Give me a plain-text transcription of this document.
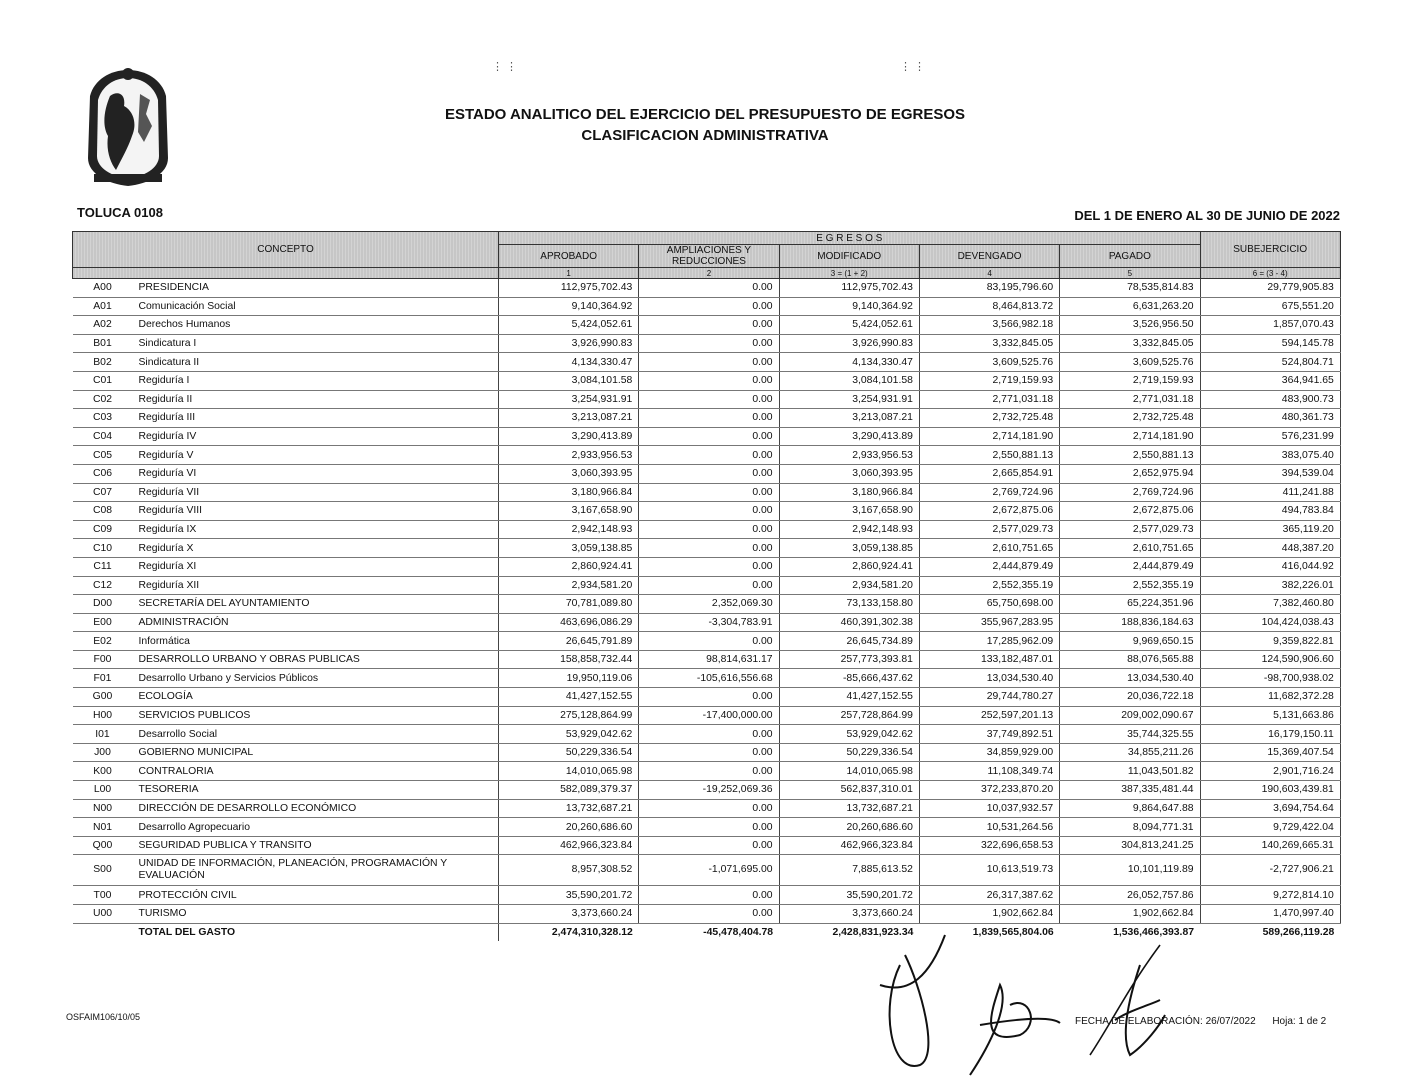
⋮ ⋮	⋮ ⋮
ESTADO ANALITICO DEL EJERCICIO DEL PRESUPUESTO DE EGRESOS
CLASIFICACION ADMINISTRATIVA
TOLUCA 0108	DEL 1 DE ENERO AL 30 DE JUNIO DE 2022
CONCEPTO		E G R E S O S					SUBEJERCICIO
		APROBADO	AMPLIACIONES Y REDUCCIONES	MODIFICADO	DEVENGADO	PAGADO	
		1	2	3 = (1 + 2)	4	5	6 = (3 - 4)
A00	PRESIDENCIA	112,975,702.43	0.00	112,975,702.43	83,195,796.60	78,535,814.83	29,779,905.83
A01	Comunicación Social	9,140,364.92	0.00	9,140,364.92	8,464,813.72	6,631,263.20	675,551.20
A02	Derechos Humanos	5,424,052.61	0.00	5,424,052.61	3,566,982.18	3,526,956.50	1,857,070.43
B01	Sindicatura I	3,926,990.83	0.00	3,926,990.83	3,332,845.05	3,332,845.05	594,145.78
B02	Sindicatura II	4,134,330.47	0.00	4,134,330.47	3,609,525.76	3,609,525.76	524,804.71
C01	Regiduría I	3,084,101.58	0.00	3,084,101.58	2,719,159.93	2,719,159.93	364,941.65
C02	Regiduría II	3,254,931.91	0.00	3,254,931.91	2,771,031.18	2,771,031.18	483,900.73
C03	Regiduría III	3,213,087.21	0.00	3,213,087.21	2,732,725.48	2,732,725.48	480,361.73
C04	Regiduría IV	3,290,413.89	0.00	3,290,413.89	2,714,181.90	2,714,181.90	576,231.99
C05	Regiduría V	2,933,956.53	0.00	2,933,956.53	2,550,881.13	2,550,881.13	383,075.40
C06	Regiduría VI	3,060,393.95	0.00	3,060,393.95	2,665,854.91	2,652,975.94	394,539.04
C07	Regiduría VII	3,180,966.84	0.00	3,180,966.84	2,769,724.96	2,769,724.96	411,241.88
C08	Regiduría VIII	3,167,658.90	0.00	3,167,658.90	2,672,875.06	2,672,875.06	494,783.84
C09	Regiduría IX	2,942,148.93	0.00	2,942,148.93	2,577,029.73	2,577,029.73	365,119.20
C10	Regiduría X	3,059,138.85	0.00	3,059,138.85	2,610,751.65	2,610,751.65	448,387.20
C11	Regiduría XI	2,860,924.41	0.00	2,860,924.41	2,444,879.49	2,444,879.49	416,044.92
C12	Regiduría XII	2,934,581.20	0.00	2,934,581.20	2,552,355.19	2,552,355.19	382,226.01
D00	SECRETARÍA DEL AYUNTAMIENTO	70,781,089.80	2,352,069.30	73,133,158.80	65,750,698.00	65,224,351.96	7,382,460.80
E00	ADMINISTRACIÓN	463,696,086.29	-3,304,783.91	460,391,302.38	355,967,283.95	188,836,184.63	104,424,038.43
E02	Informática	26,645,791.89	0.00	26,645,734.89	17,285,962.09	9,969,650.15	9,359,822.81
F00	DESARROLLO URBANO Y OBRAS PUBLICAS	158,858,732.44	98,814,631.17	257,773,393.81	133,182,487.01	88,076,565.88	124,590,906.60
F01	Desarrollo Urbano y Servicios Públicos	19,950,119.06	-105,616,556.68	-85,666,437.62	13,034,530.40	13,034,530.40	-98,700,938.02
G00	ECOLOGÍA	41,427,152.55	0.00	41,427,152.55	29,744,780.27	20,036,722.18	11,682,372.28
H00	SERVICIOS PUBLICOS	275,128,864.99	-17,400,000.00	257,728,864.99	252,597,201.13	209,002,090.67	5,131,663.86
I01	Desarrollo Social	53,929,042.62	0.00	53,929,042.62	37,749,892.51	35,744,325.55	16,179,150.11
J00	GOBIERNO MUNICIPAL	50,229,336.54	0.00	50,229,336.54	34,859,929.00	34,855,211.26	15,369,407.54
K00	CONTRALORIA	14,010,065.98	0.00	14,010,065.98	11,108,349.74	11,043,501.82	2,901,716.24
L00	TESORERIA	582,089,379.37	-19,252,069.36	562,837,310.01	372,233,870.20	387,335,481.44	190,603,439.81
N00	DIRECCIÓN DE DESARROLLO ECONÓMICO	13,732,687.21	0.00	13,732,687.21	10,037,932.57	9,864,647.88	3,694,754.64
N01	Desarrollo Agropecuario	20,260,686.60	0.00	20,260,686.60	10,531,264.56	8,094,771.31	9,729,422.04
Q00	SEGURIDAD PUBLICA Y TRANSITO	462,966,323.84	0.00	462,966,323.84	322,696,658.53	304,813,241.25	140,269,665.31
S00	UNIDAD DE INFORMACIÓN, PLANEACIÓN, PROGRAMACIÓN Y EVALUACIÓN	8,957,308.52	-1,071,695.00	7,885,613.52	10,613,519.73	10,101,119.89	-2,727,906.21
T00	PROTECCIÓN CIVIL	35,590,201.72	0.00	35,590,201.72	26,317,387.62	26,052,757.86	9,272,814.10
U00	TURISMO	3,373,660.24	0.00	3,373,660.24	1,902,662.84	1,902,662.84	1,470,997.40
	TOTAL DEL GASTO	2,474,310,328.12	-45,478,404.78	2,428,831,923.34	1,839,565,804.06	1,536,466,393.87	589,266,119.28
OSFAIM106/10/05	FECHA DE ELABORACIÓN: 26/07/2022 Hoja: 1 de 2
